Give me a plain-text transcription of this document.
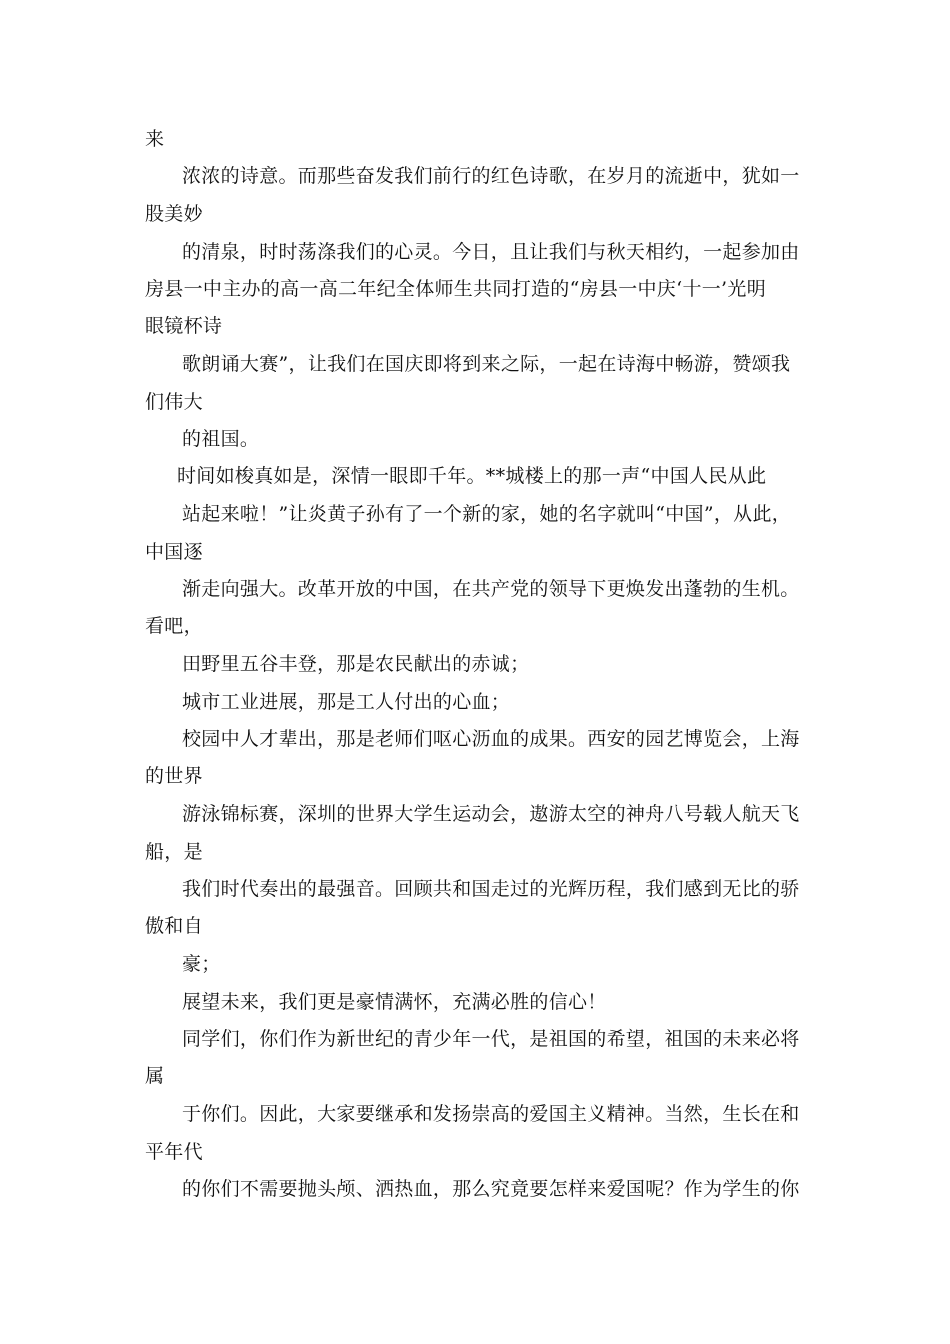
来
浓浓的诗意。而那些奋发我们前行的红色诗歌，在岁月的流逝中，犹如一
股美妙
的清泉，时时荡涤我们的心灵。今日，且让我们与秋天相约，一起参加由
房县一中主办的高一高二年纪全体师生共同打造的“房县一中庆‘十一’光明
眼镜杯诗
歌朗诵大赛”，让我们在国庆即将到来之际，一起在诗海中畅游，赞颂我
们伟大
的祖国。
时间如梭真如是，深情一眼即千年。**城楼上的那一声“中国人民从此
站起来啦！”让炎黄子孙有了一个新的家，她的名字就叫“中国”，从此，
中国逐
渐走向强大。改革开放的中国，在共产党的领导下更焕发出蓬勃的生机。
看吧，
田野里五谷丰登，那是农民献出的赤诚；
城市工业进展，那是工人付出的心血；
校园中人才辈出，那是老师们呕心沥血的成果。西安的园艺博览会，上海
的世界
游泳锦标赛，深圳的世界大学生运动会，遨游太空的神舟八号载人航天飞
船，是
我们时代奏出的最强音。回顾共和国走过的光辉历程，我们感到无比的骄
傲和自
豪；
展望未来，我们更是豪情满怀，充满必胜的信心！
同学们，你们作为新世纪的青少年一代，是祖国的希望，祖国的未来必将
属
于你们。因此，大家要继承和发扬崇高的爱国主义精神。当然，生长在和
平年代
的你们不需要抛头颅、洒热血，那么究竟要怎样来爱国呢？作为学生的你
